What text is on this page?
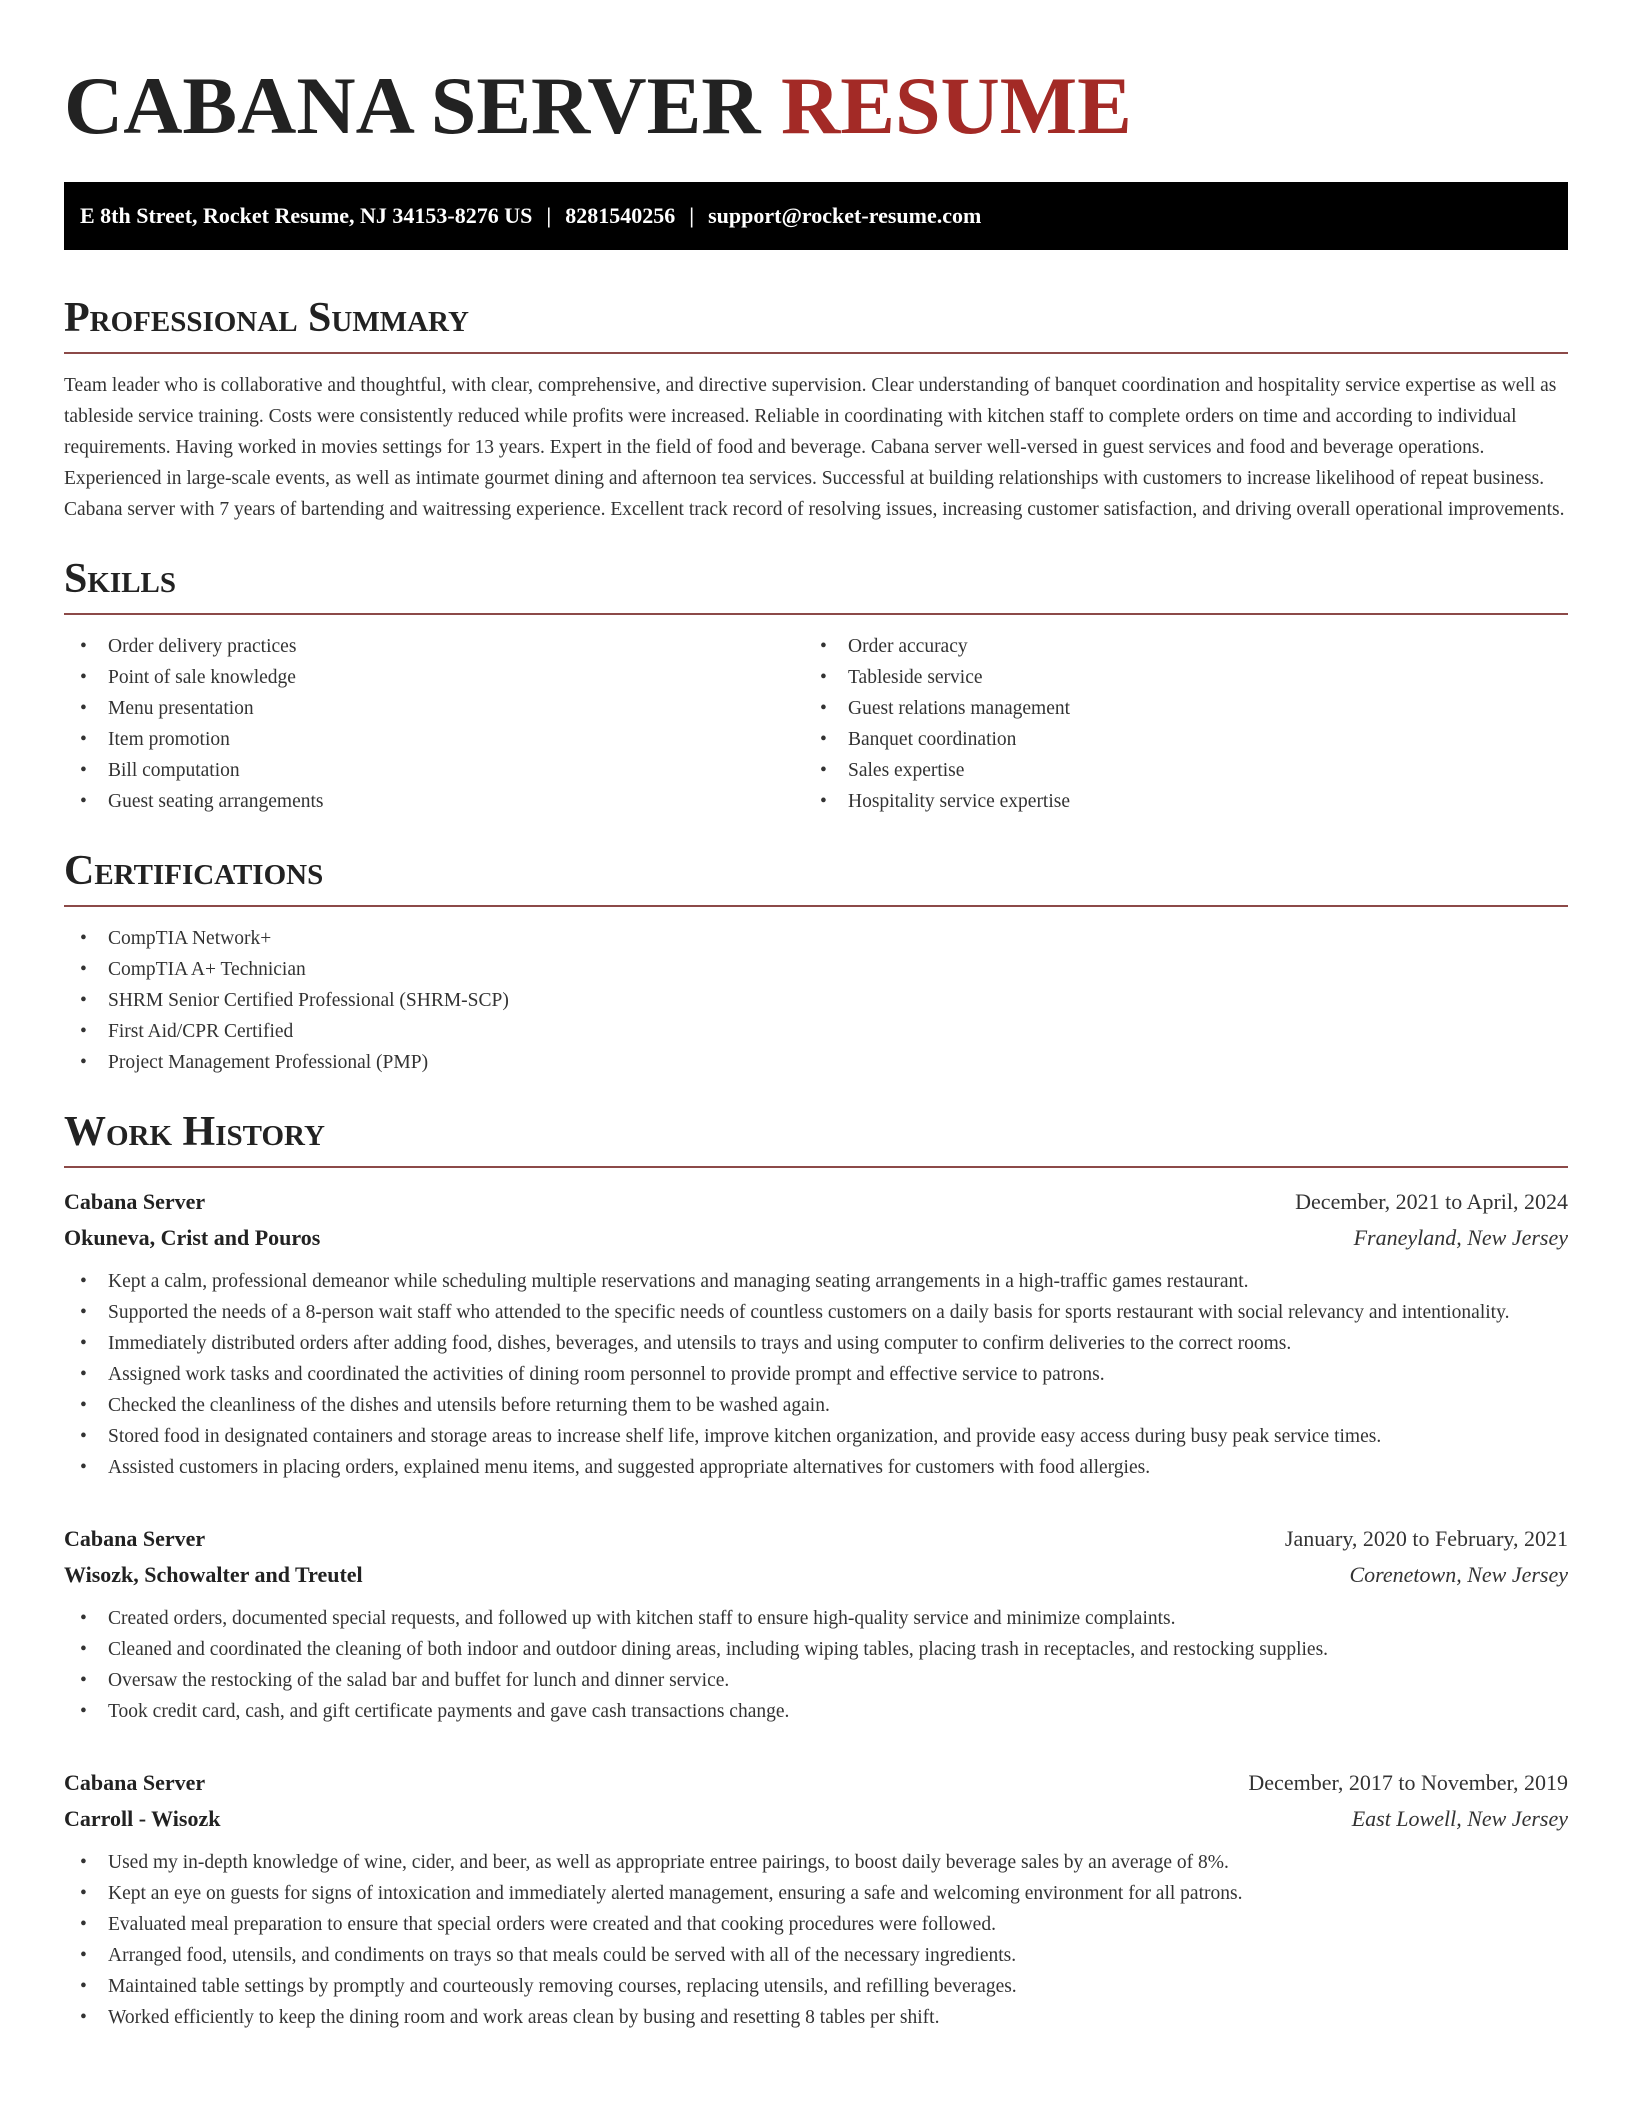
CABANA SERVER RESUME
E 8th Street, Rocket Resume, NJ 34153-8276 US | 8281540256 | support@rocket-resume.com
Professional Summary

Team leader who is collaborative and thoughtful, with clear, comprehensive, and directive supervision. Clear understanding of banquet coordination and hospitality service expertise as well as tableside service training. Costs were consistently reduced while profits were increased. Reliable in coordinating with kitchen staff to complete orders on time and according to individual requirements. Having worked in movies settings for 13 years. Expert in the field of food and beverage. Cabana server well-versed in guest services and food and beverage operations. Experienced in large-scale events, as well as intimate gourmet dining and afternoon tea services. Successful at building relationships with customers to increase likelihood of repeat business. Cabana server with 7 years of bartending and waitressing experience. Excellent track record of resolving issues, increasing customer satisfaction, and driving overall operational improvements.

Skills
• Order delivery practices
• Point of sale knowledge
• Menu presentation
• Item promotion
• Bill computation
• Guest seating arrangements
• Order accuracy
• Tableside service
• Guest relations management
• Banquet coordination
• Sales expertise
• Hospitality service expertise
Certifications
• CompTIA Network+
• CompTIA A+ Technician
• SHRM Senior Certified Professional (SHRM-SCP)
• First Aid/CPR Certified
• Project Management Professional (PMP)
Work History
Cabana Server	December, 2021 to April, 2024
Okuneva, Crist and Pouros	Franeyland, New Jersey
• Kept a calm, professional demeanor while scheduling multiple reservations and managing seating arrangements in a high-traffic games restaurant.
• Supported the needs of a 8-person wait staff who attended to the specific needs of countless customers on a daily basis for sports restaurant with social relevancy and intentionality.
• Immediately distributed orders after adding food, dishes, beverages, and utensils to trays and using computer to confirm deliveries to the correct rooms.
• Assigned work tasks and coordinated the activities of dining room personnel to provide prompt and effective service to patrons.
• Checked the cleanliness of the dishes and utensils before returning them to be washed again.
• Stored food in designated containers and storage areas to increase shelf life, improve kitchen organization, and provide easy access during busy peak service times.
• Assisted customers in placing orders, explained menu items, and suggested appropriate alternatives for customers with food allergies.
Cabana Server	January, 2020 to February, 2021
Wisozk, Schowalter and Treutel	Corenetown, New Jersey
• Created orders, documented special requests, and followed up with kitchen staff to ensure high-quality service and minimize complaints.
• Cleaned and coordinated the cleaning of both indoor and outdoor dining areas, including wiping tables, placing trash in receptacles, and restocking supplies.
• Oversaw the restocking of the salad bar and buffet for lunch and dinner service.
• Took credit card, cash, and gift certificate payments and gave cash transactions change.
Cabana Server	December, 2017 to November, 2019
Carroll - Wisozk	East Lowell, New Jersey
• Used my in-depth knowledge of wine, cider, and beer, as well as appropriate entree pairings, to boost daily beverage sales by an average of 8%.
• Kept an eye on guests for signs of intoxication and immediately alerted management, ensuring a safe and welcoming environment for all patrons.
• Evaluated meal preparation to ensure that special orders were created and that cooking procedures were followed.
• Arranged food, utensils, and condiments on trays so that meals could be served with all of the necessary ingredients.
• Maintained table settings by promptly and courteously removing courses, replacing utensils, and refilling beverages.
• Worked efficiently to keep the dining room and work areas clean by busing and resetting 8 tables per shift.
